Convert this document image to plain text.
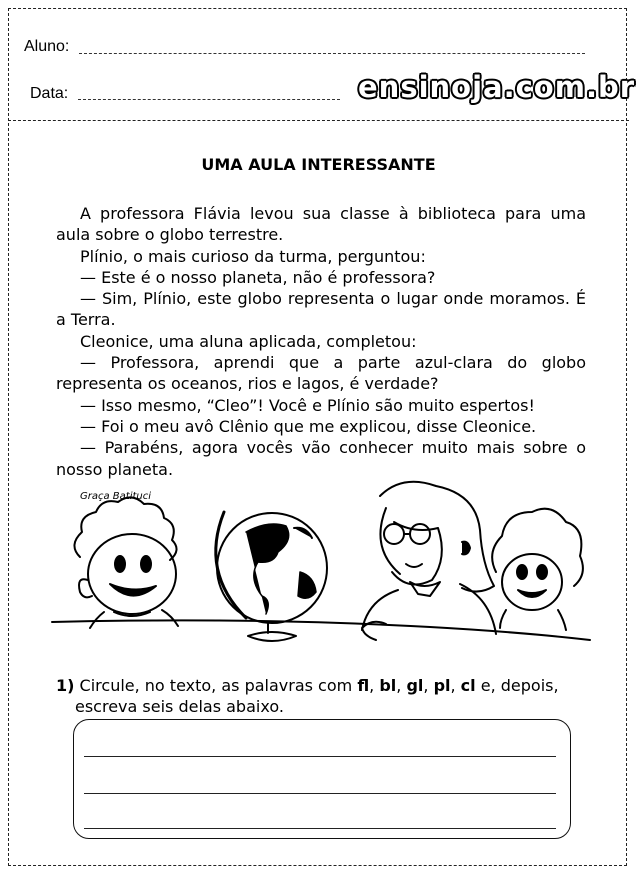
Aluno:
Data:	ensinoja.com.br
UMA AULA INTERESSANTE

A professora Flávia levou sua classe à biblioteca para uma aula sobre o globo terrestre.

Plínio, o mais curioso da turma, perguntou:

— Este é o nosso planeta, não é professora?

— Sim, Plínio, este globo representa o lugar onde moramos. É a Terra.

Cleonice, uma aluna aplicada, completou:

— Professora, aprendi que a parte azul-clara do globo representa os oceanos, rios e lagos, é verdade?

— Isso mesmo, “Cleo”! Você e Plínio são muito espertos!

— Foi o meu avô Clênio que me explicou, disse Cleonice.

— Parabéns, agora vocês vão conhecer muito mais sobre o nosso planeta.

Graça Batituci
1) Circule, no texto, as palavras com fl, bl, gl, pl, cl e, depois,
escreva seis delas abaixo.
